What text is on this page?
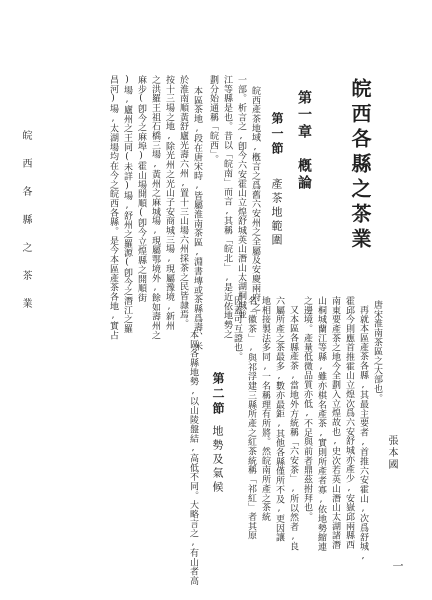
皖西各縣之茶業
張本國
第一章　槪論
第一節
產茶地範圍
皖西產茶地域,槪言之爲舊六安州之全屬及安慶兩府之
一部。析言之,卽今六安霍山立煌舒城英山潛山太湖桐城並
江等縣是也。昔以「皖南」而言,其稱「皖北」,是近依地勢之
劃分始通稱「皖西」。
本區茶地,段在唐宋時,皆屬淮南茶區,淵書塼或茶縣爲壽、米
於淮南順黃舒廬光壽六州,置十三山場六州採茶之民皆隷焉。
按十三場之地,除光州之光山子安商城三場,現屬豫境,新州
之洪羅王祖石橋三場,黃州之麻城場,現屬鄂境外,餘如壽州之
麻步(卽今之麻埠)霍山場開順(卽今立煌縣之開順街
)場,廬州之王同(未詳)場,舒州之羅源(卽今之潛江之羅
昌河)場,太湖場均在今之皖西各縣。是今本區產茶各地,實占
唐宋淮南茶區之大部也。
再就本區產茶各縣,其最主要者,首推六安霍山,次爲舒城,
霍邱今則應首推霍山立煌次爲六安舒城亦產少,安嶽邱兩縣西
南東要產茶之地今全劃入立煌故也,史次若英山潛山太湖諸潛
山桐城蘭江等縣,雖亦棋名產茶,實則所產者寡,依地勢縮連
之邊境。產量低微品質亦低,不足與前者鼎茲拊拜也。
又本區各縣產茶,當地外方統稱「六安茶」,所以然者,良
六屬所產之茶最多,數亦最鉅,其他各縣僅所不及,更因讓
地相接製法多同,一名稱理有所將。然皖南所產之茶統
名「徽茶」,與祁浮建三縣所產之紅茶統稱「祁紅」者其原
因蓋可互證也。
第二節
地勢及氣候
本區各縣地勢,以山陵盤結,高低不同。大略言之,有山者高
皖　西　各　縣　之　茶　業
一
